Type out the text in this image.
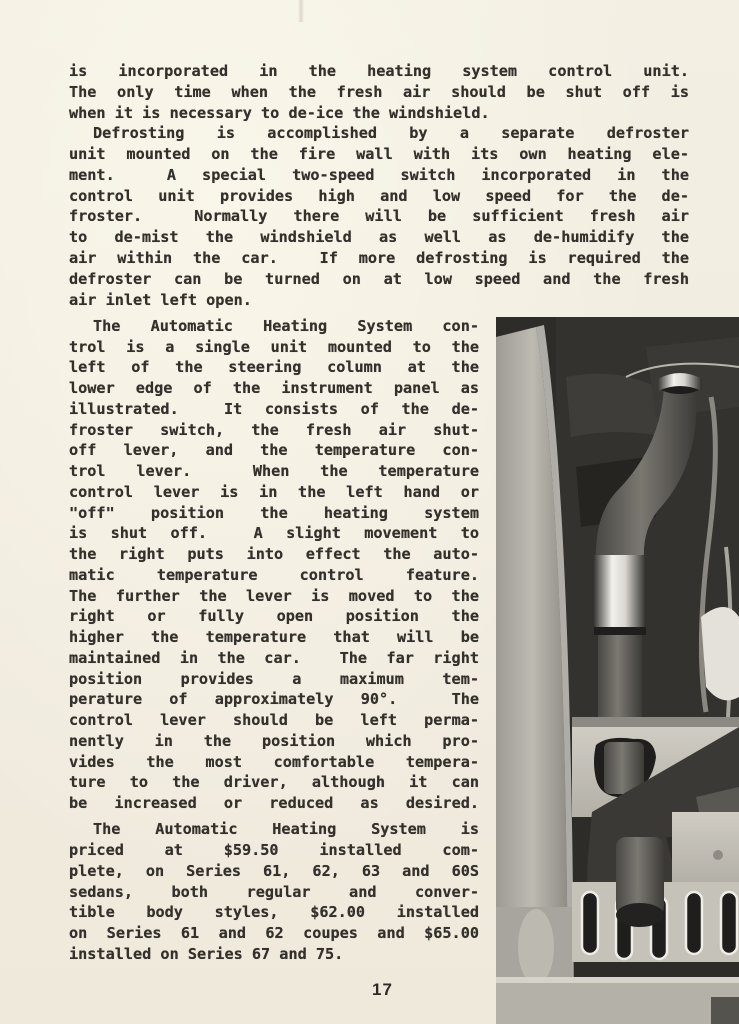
is incorporated in the heating system control unit.
The only time when the fresh air should be shut off is
when it is necessary to de-ice the windshield.
Defrosting is accomplished by a separate defroster
unit mounted on the fire wall with its own heating ele-
ment.  A special two-speed switch incorporated in the
control unit provides high and low speed for the de-
froster.  Normally there will be sufficient fresh air
to de-mist the windshield as well as de-humidify the
air within the car.  If more defrosting is required the
defroster can be turned on at low speed and the fresh
air inlet left open.
The Automatic Heating System con-
trol is a single unit mounted to the
left of the steering column at the
lower edge of the instrument panel as
illustrated.  It consists of the de-
froster switch, the fresh air shut-
off lever, and the temperature con-
trol lever.  When the temperature
control lever is in the left hand or
"off" position the heating system
is shut off.  A slight movement to
the right puts into effect the auto-
matic temperature control feature.
The further the lever is moved to the
right or fully open position the
higher the temperature that will be
maintained in the car.  The far right
position provides a maximum tem-
perature of approximately 90°.  The
control lever should be left perma-
nently in the position which pro-
vides the most comfortable tempera-
ture to the driver, although it can
be increased or reduced as desired.
The Automatic Heating System is
priced at $59.50 installed com-
plete, on Series 61, 62, 63 and 60S
sedans, both regular and conver-
tible body styles, $62.00 installed
on Series 61 and 62 coupes and $65.00
installed on Series 67 and 75.
17
